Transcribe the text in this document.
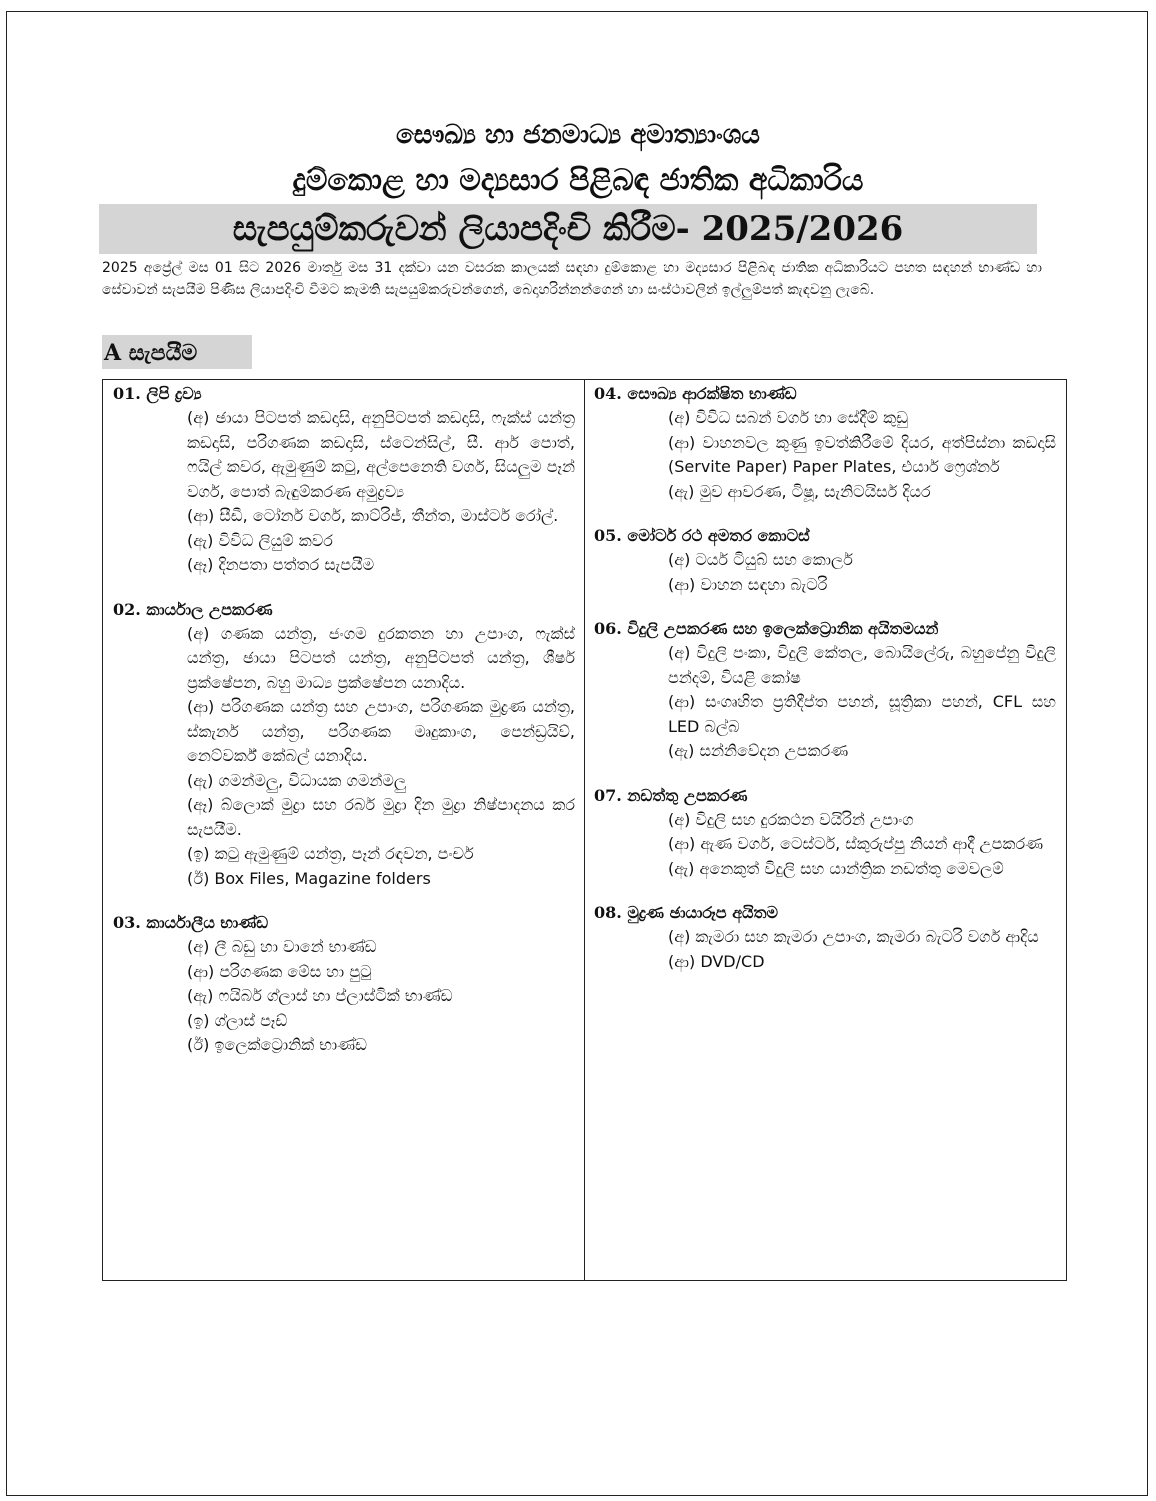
සෞඛ්‍ය හා ජනමාධ්‍ය අමාත්‍යාංශය
දුම්කොළ හා මද්‍යසාර පිළිබඳ ජාතික අධිකාරිය
සැපයුම්කරුවන් ලියාපදිංචි කිරීම- 2025/2026
2025 අප්‍රේල් මස 01 සිට 2026 මාර්තු මස 31 දක්වා යන වසරක කාලයක් සඳහා දුම්කොළ හා මද්‍යසාර පිළිබඳ ජාතික අධිකාරියට පහත සඳහන් භාණ්ඩ හා සේවාවන් සැපයීම පිණිස ලියාපදිංචි වීමට කැමති සැපයුම්කරුවන්ගෙන්, බෙදාහරින්නන්ගෙන් හා සංස්ථාවලින් ඉල්ලුම්පත් කැඳවනු ලැබේ.
A සැපයීම
01. ලිපි ද්‍රව්‍ය
(අ) ඡායා පිටපත් කඩදාසි, අනුපිටපත් කඩදාසි, ෆැක්ස් යන්ත්‍ර කඩදාසි, පරිගණක කඩදාසි, ස්ටෙන්සිල්, සී. ආර් පොත්, ෆයිල් කවර, ඇමුණුම් කටු, අල්පෙනෙති වර්ග, සියලුම පෑන් වර්ග, පොත් බැඳුම්කරණ අමුද්‍රව්‍ය
(ආ) සීඩී, ටෝනර් වර්ග, කාට්රිජ්, තීන්ත, මාස්ටර් රෝල්.
(ඇ) විවිධ ලියුම් කවර
(ඈ) දිනපතා පත්තර සැපයීම
02. කාර්යාල උපකරණ
(අ) ගණක යන්ත්‍ර, ජංගම දුරකතන හා උපාංග, ෆැක්ස් යන්ත්‍ර, ඡායා පිටපත් යන්ත්‍ර, අනුපිටපත් යන්ත්‍ර, ශීර්ෂ ප්‍රක්ෂේපන, බහු මාධ්‍ය ප්‍රක්ෂේපන යනාදිය.
(ආ) පරිගණක යන්ත්‍ර සහ උපාංග, පරිගණක මුද්‍රණ යන්ත්‍ර, ස්කැනර් යන්ත්‍ර, පරිගණක මෘදුකාංග, පෙන්ඩ්‍රයිව්, නෙට්වර්ක් කේබල් යනාදිය.
(ඇ) ගමන්මලු, විධායක ගමන්මලු
(ඈ) බ්ලොක් මුද්‍රා සහ රබර් මුද්‍රා දින මුද්‍රා නිෂ්පාදනය කර සැපයීම.
(ඉ) කටු ඇමුණුම් යන්ත්‍ර, පෑන් රඳවන, පංචර්
(ඊ) Box Files, Magazine folders
03. කාර්යාලීය භාණ්ඩ
(අ) ලී බඩු හා වානේ භාණ්ඩ
(ආ) පරිගණක මේස හා පුටු
(ඇ) ෆයිබර් ග්ලාස් හා ප්ලාස්ටික් භාණ්ඩ
(ඉ) ග්ලාස් පෑඩ්
(ඊ) ඉලෙක්ට්‍රොනික් භාණ්ඩ
04. සෞඛ්‍ය ආරක්ෂිත භාණ්ඩ
(අ) විවිධ සබන් වර්ග හා සේදීම් කුඩු
(ආ) වාහනවල කුණු ඉවත්කිරීමේ දියර, අත්පිස්නා කඩදාසි (Servite Paper) Paper Plates, එයාර් ෆ්‍රෙශ්නර්
(ඇ) මුව ආවරණ, ටිෂූ, සැනිටයිසර් දියර
05. මෝටර් රථ අමතර කොටස්
(අ) ටයර් ටියුබ් සහ කොලර්
(ආ) වාහන සඳහා බැටරි
06. විදුලි උපකරණ සහ ඉලෙක්ට්‍රොනික අයිතමයන්
(අ) විදුලි පංකා, විදුලි කේතල, බොයිලේරු, බහුපේනු විදුලි පන්දම්, වියළි කෝෂ
(ආ) සංගෘහිත ප්‍රතිදීප්ත පහන්, සූත්‍රිකා පහන්, CFL සහ LED බල්බ
(ඇ) සන්නිවේදන උපකරණ
07. නඩත්තු උපකරණ
(අ) විදුලි සහ දුරකථන වයිරින් උපාංග
(ආ) ඇණ වර්ග, ටෙස්ටර්, ස්කුරුප්පු නියන් ආදී උපකරණ
(ඇ) අනෙකුත් විදුලි සහ යාන්ත්‍රික නඩත්තු මෙවලම්
08. මුද්‍රණ ඡායාරූප අයිතම
(අ) කැමරා සහ කැමරා උපාංග, කැමරා බැටරි වර්ග ආදිය
(ආ) DVD/CD
